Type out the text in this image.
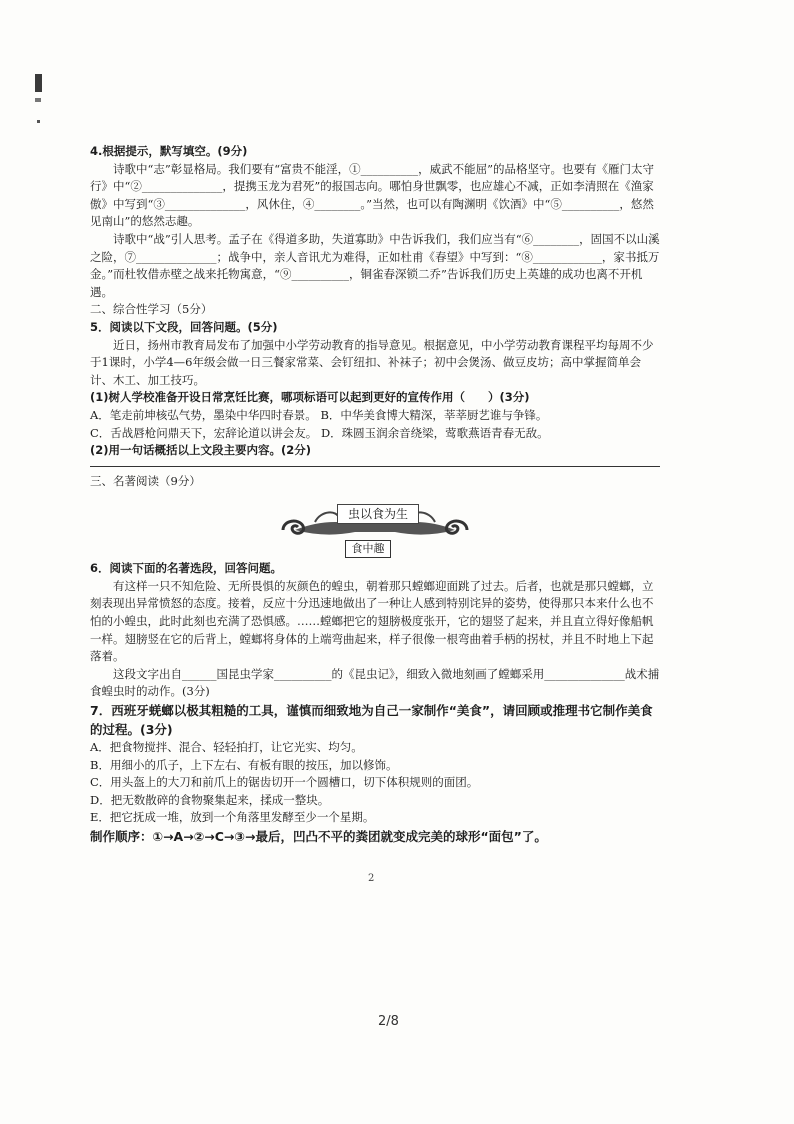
4.根据提示，默写填空。(9分)

诗歌中“志”彰显格局。我们要有“富贵不能淫，①__________，威武不能屈”的品格坚守。也要有《雁门太守行》中“②______________，提携玉龙为君死”的报国志向。哪怕身世飘零，也应雄心不减，正如李清照在《渔家傲》中写到“③______________，风休住，④________。”当然，也可以有陶渊明《饮酒》中“⑤__________，悠然见南山”的悠然志趣。

诗歌中“战”引人思考。孟子在《得道多助，失道寡助》中告诉我们，我们应当有“⑥________，固国不以山溪之险，⑦______________；战争中，亲人音讯尤为难得，正如杜甫《春望》中写到：“⑧____________，家书抵万金。”而杜牧借赤壁之战来托物寓意，“⑨__________，铜雀春深锁二乔”告诉我们历史上英雄的成功也离不开机遇。

二、综合性学习（5分）

5．阅读以下文段，回答问题。(5分)

近日，扬州市教育局发布了加强中小学劳动教育的指导意见。根据意见，中小学劳动教育课程平均每周不少于1课时，小学4—6年级会做一日三餐家常菜、会钉纽扣、补袜子；初中会煲汤、做豆皮坊；高中掌握简单会计、木工、加工技巧。

(1)树人学校准备开设日常烹饪比赛，哪项标语可以起到更好的宣传作用（　　）(3分)

A．笔走前坤核弘气势，墨染中华四时春景。 B．中华美食博大精深，莘莘厨艺谁与争锋。

C．舌战唇枪问鼎天下，宏辞论道以讲会友。 D．珠圆玉润余音绕梁，莺歌燕语青春无敌。

(2)用一句话概括以上文段主要内容。(2分)

三、名著阅读（9分）

虫以食为生
食中趣

6．阅读下面的名著选段，回答问题。

有这样一只不知危险、无所畏惧的灰颜色的蝗虫，朝着那只螳螂迎面跳了过去。后者，也就是那只螳螂，立刻表现出异常愤怒的态度。接着，反应十分迅速地做出了一种让人感到特别诧异的姿势，使得那只本来什么也不怕的小蝗虫，此时此刻也充满了恐惧感。……螳螂把它的翅膀极度张开，它的翅竖了起来，并且直立得好像船帆一样。翅膀竖在它的后背上，螳螂将身体的上端弯曲起来，样子很像一根弯曲着手柄的拐杖，并且不时地上下起落着。

这段文字出自______国昆虫学家__________的《昆虫记》，细致入微地刻画了螳螂采用______________战术捕食蝗虫时的动作。(3分)

7．西班牙蜣螂以极其粗糙的工具，谨慎而细致地为自己一家制作“美食”，请回顾或推理书它制作美食的过程。(3分)

A．把食物搅拌、混合、轻轻拍打，让它光实、均匀。

B．用细小的爪子，上下左右、有板有眼的按压，加以修饰。

C．用头盔上的大刀和前爪上的锯齿切开一个圆槽口，切下体积规则的面团。

D．把无数散碎的食物聚集起来，揉成一整块。

E．把它抚成一堆，放到一个角落里发酵至少一个星期。

制作顺序：①→A→②→C→③→最后，凹凸不平的粪团就变成完美的球形“面包”了。

2
2/8
